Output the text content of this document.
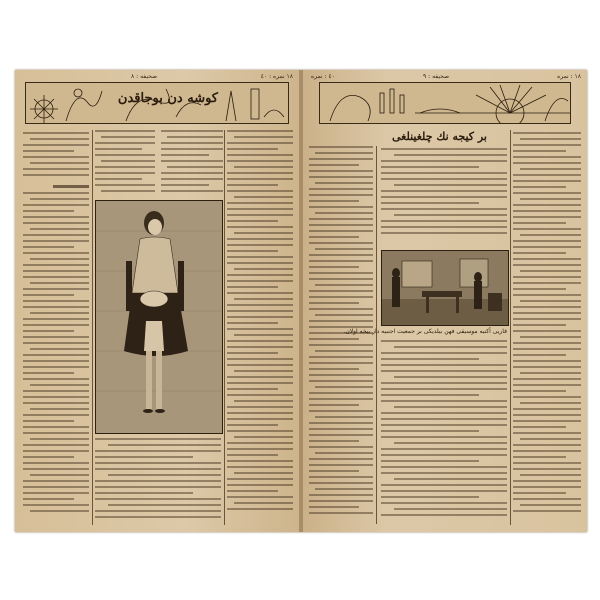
١٨ نمره : ٤٠
صحيفه : ٨
كوشه دن بوجاقدن
٤٠ : نمره	صحيفه : ٩	١٨ : نمره
بر كيجه نك چلغينلغى
قاريى آكنيه موسيقى فهن بيلديكى بر جمعيت اجنبيه دار بيخه اولان.
